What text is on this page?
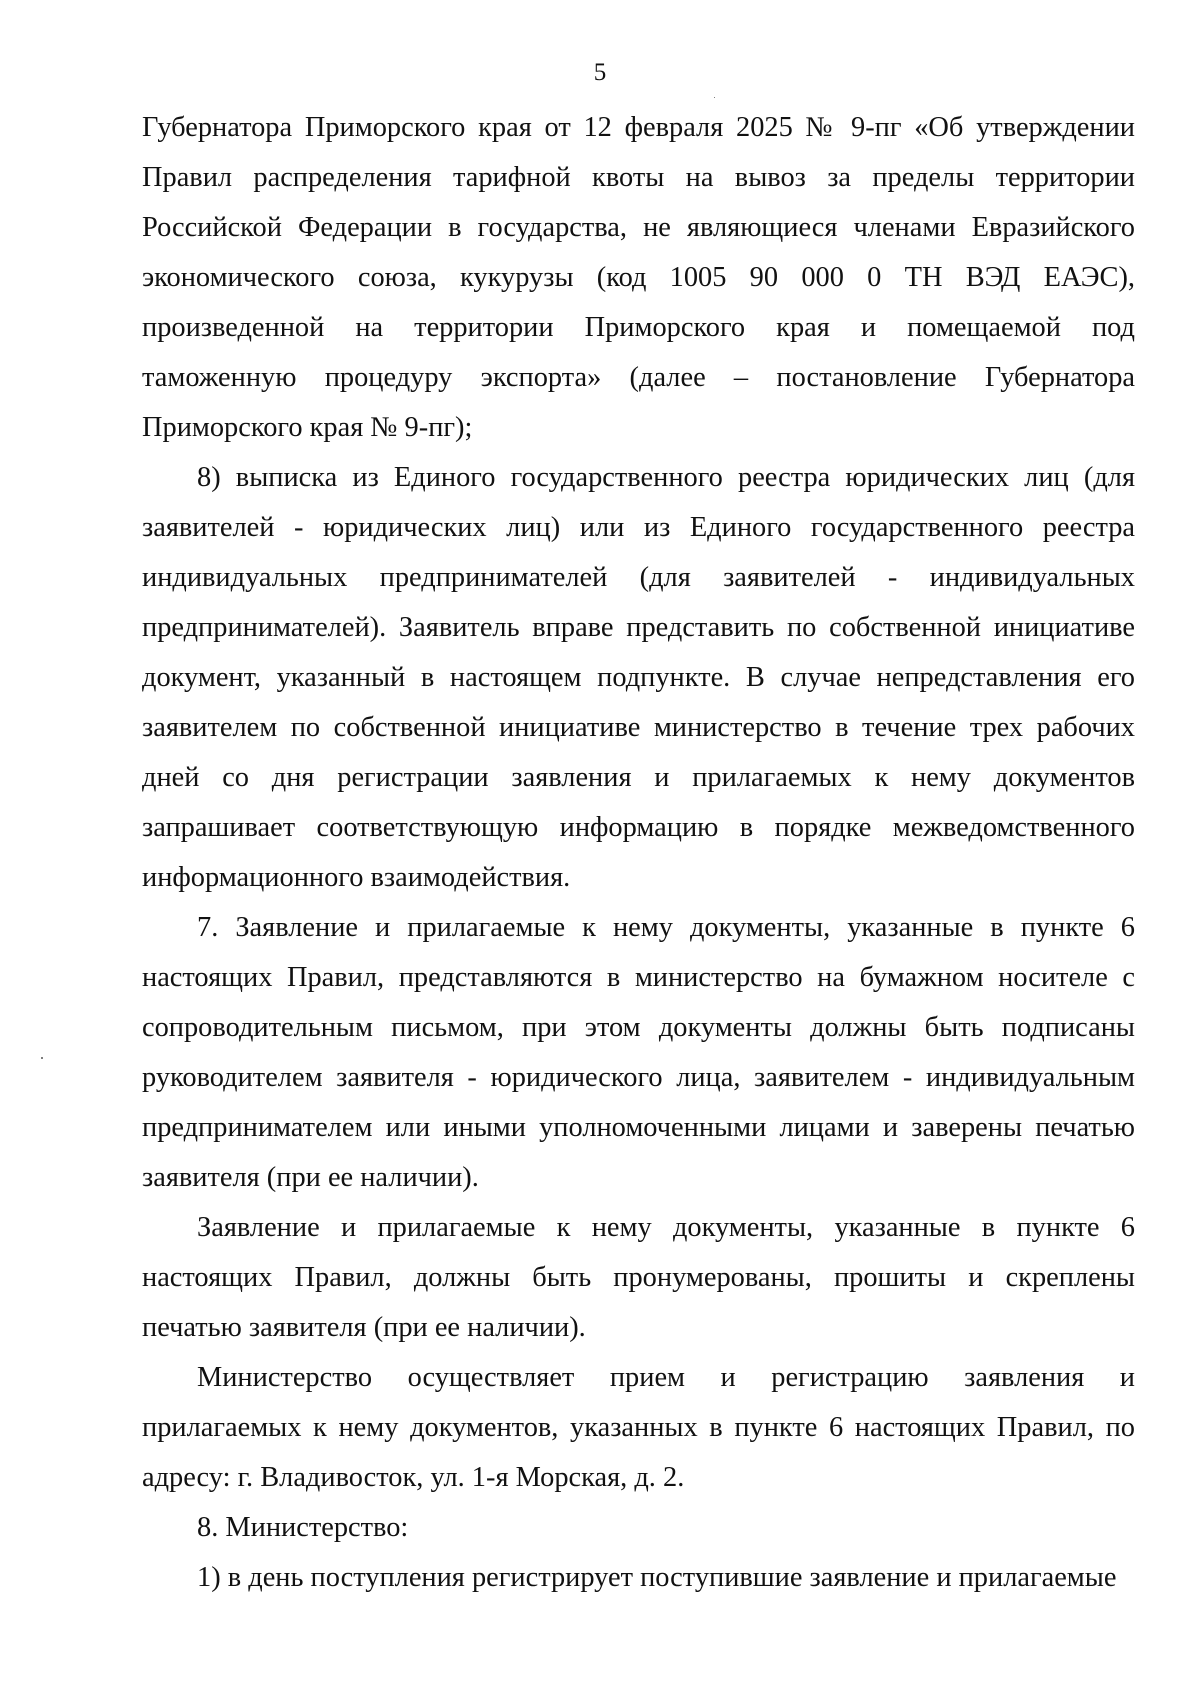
5
Губернатора Приморского края от 12 февраля 2025 № 9-пг «Об утверждении
Правил распределения тарифной квоты на вывоз за пределы территории
Российской Федерации в государства, не являющиеся членами Евразийского
экономического союза, кукурузы (код 1005 90 000 0 ТН ВЭД ЕАЭС),
произведенной на территории Приморского края и помещаемой под
таможенную процедуру экспорта» (далее – постановление Губернатора
Приморского края № 9-пг);
8) выписка из Единого государственного реестра юридических лиц (для
заявителей - юридических лиц) или из Единого государственного реестра
индивидуальных предпринимателей (для заявителей - индивидуальных
предпринимателей). Заявитель вправе представить по собственной инициативе
документ, указанный в настоящем подпункте. В случае непредставления его
заявителем по собственной инициативе министерство в течение трех рабочих
дней со дня регистрации заявления и прилагаемых к нему документов
запрашивает соответствующую информацию в порядке межведомственного
информационного взаимодействия.
7. Заявление и прилагаемые к нему документы, указанные в пункте 6
настоящих Правил, представляются в министерство на бумажном носителе с
сопроводительным письмом, при этом документы должны быть подписаны
руководителем заявителя - юридического лица, заявителем - индивидуальным
предпринимателем или иными уполномоченными лицами и заверены печатью
заявителя (при ее наличии).
Заявление и прилагаемые к нему документы, указанные в пункте 6
настоящих Правил, должны быть пронумерованы, прошиты и скреплены
печатью заявителя (при ее наличии).
Министерство осуществляет прием и регистрацию заявления и
прилагаемых к нему документов, указанных в пункте 6 настоящих Правил, по
адресу: г. Владивосток, ул. 1-я Морская, д. 2.
8. Министерство:
1) в день поступления регистрирует поступившие заявление и прилагаемые
